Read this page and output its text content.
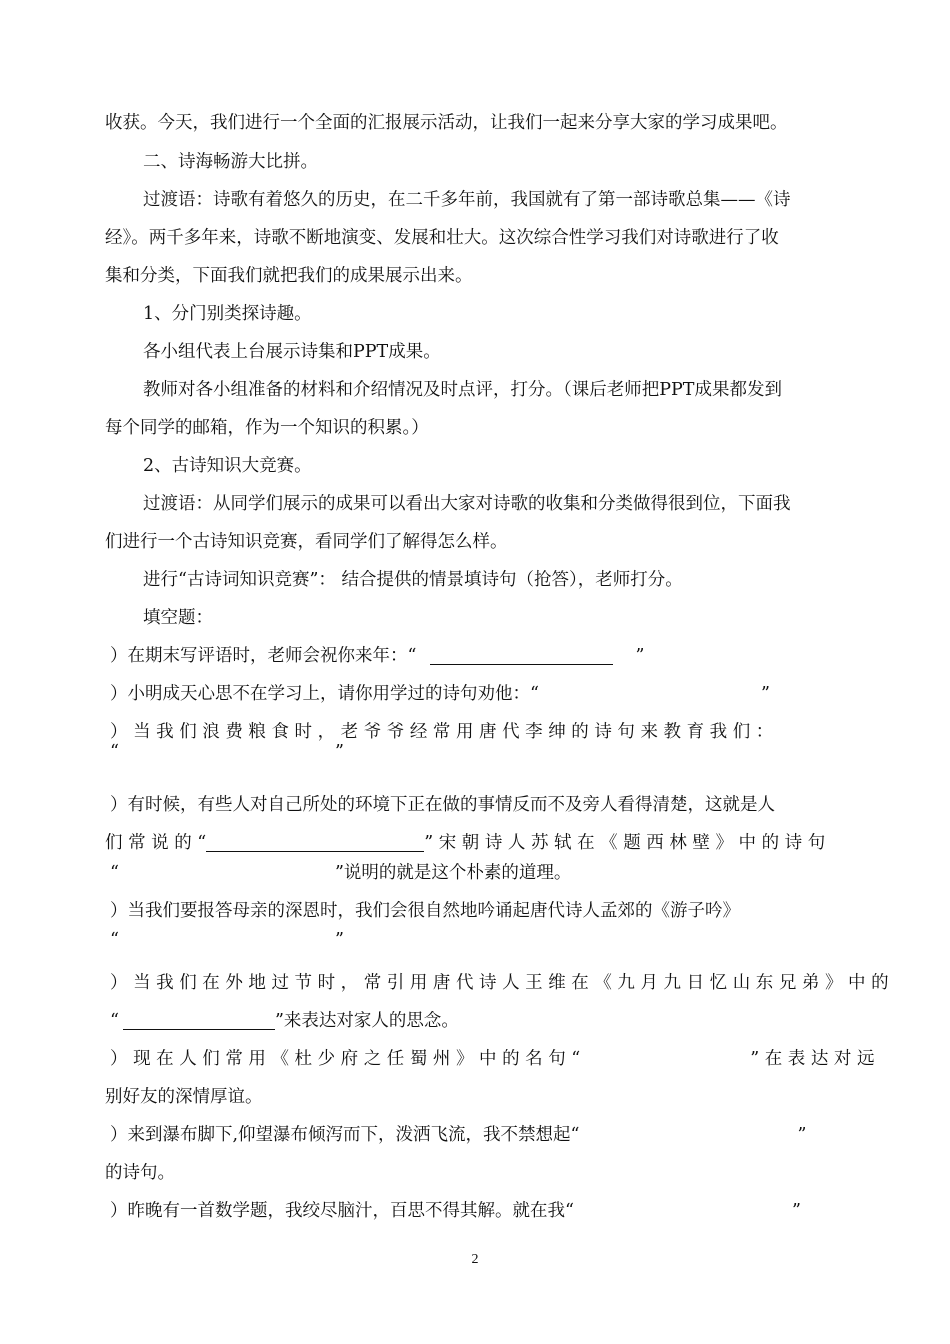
收获。今天，我们进行一个全面的汇报展示活动，让我们一起来分享大家的学习成果吧。
二、诗海畅游大比拼。
过渡语：诗歌有着悠久的历史，在二千多年前，我国就有了第一部诗歌总集——《诗
经》。两千多年来，诗歌不断地演变、发展和壮大。这次综合性学习我们对诗歌进行了收
集和分类，下面我们就把我们的成果展示出来。
1、分门别类探诗趣。
各小组代表上台展示诗集和PPT成果。
教师对各小组准备的材料和介绍情况及时点评，打分。（课后老师把PPT成果都发到
每个同学的邮箱，作为一个知识的积累。）
2、古诗知识大竞赛。
过渡语：从同学们展示的成果可以看出大家对诗歌的收集和分类做得很到位，下面我
们进行一个古诗知识竞赛，看同学们了解得怎么样。
进行“古诗词知识竞赛”： 结合提供的情景填诗句（抢答），老师打分。
填空题：
）在期末写评语时，老师会祝你来年：“	”
）小明成天心思不在学习上，请你用学过的诗句劝他：“	”
） 当 我 们 浪 费 粮 食 时 ， 老 爷 爷 经 常 用 唐 代 李 绅 的 诗 句 来 教 育 我 们 ：
“	”
）有时候，有些人对自己所处的环境下正在做的事情反而不及旁人看得清楚，这就是人
们 常 说 的 “	” 宋 朝 诗 人 苏 轼 在 《 题 西 林 壁 》 中 的 诗 句
“	”说明的就是这个朴素的道理。
）当我们要报答母亲的深恩时，我们会很自然地吟诵起唐代诗人孟郊的《游子吟》
“	”
） 当 我 们 在 外 地 过 节 时 ， 常 引 用 唐 代 诗 人 王 维 在 《 九 月 九 日 忆 山 东 兄 弟 》 中 的
“	”来表达对家人的思念。
） 现 在 人 们 常 用 《 杜 少 府 之 任 蜀 州 》 中 的 名 句 “	” 在 表 达 对 远
别好友的深情厚谊。
）来到瀑布脚下,仰望瀑布倾泻而下，泼洒飞流，我不禁想起“	”
的诗句。
）昨晚有一首数学题，我绞尽脑汁，百思不得其解。就在我“	”
2
